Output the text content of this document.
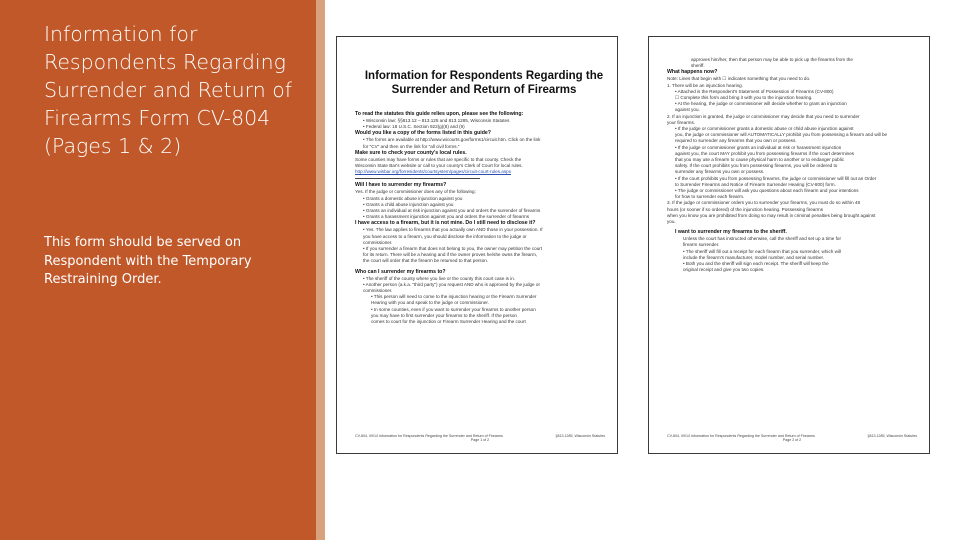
Information for Respondents Regarding Surrender and Return of Firearms Form CV-804 (Pages 1 & 2)
This form should be served on Respondent with the Temporary Restraining Order.
Information for Respondents Regarding the
Surrender and Return of Firearms

To read the statutes this guide relies upon, please see the following:

• Wisconsin law: §§813.12 – 813.125 and 813.1285, Wisconsin Statutes

• Federal law: 18 U.S.C. Section 922(g)(8) and (9)

Would you like a copy of the forms listed in this guide?

• The forms are available at http://www.wicourts.gov/forms1/circuit.htm. Click on the link

for "CV" and then on the link for "all civil forms."

Make sure to check your county's local rules.

Some counties may have forms or rules that are specific to that county. Check the

Wisconsin State Bar's website or call to your county's Clerk of Court for local rules.

http://www.wisbar.org/forresidents/courtsystem/pages/circuit-court-rules.aspx

Will I have to surrender my firearms?

Yes. If the judge or commissioner does any of the following:

• Grants a domestic abuse injunction against you

• Grants a child abuse injunction against you

• Grants an individual at risk injunction against you and orders the surrender of firearms

• Grants a harassment injunction against you and orders the surrender of firearms

I have access to a firearm, but it is not mine. Do I still need to disclose it?

• Yes. The law applies to firearms that you actually own AND those in your possession. If

you have access to a firearm, you should disclose the information to the judge or

commissioner.

• If you surrender a firearm that does not belong to you, the owner may petition the court

for its return. There will be a hearing and if the owner proves he/she owns the firearm,

the court will order that the firearm be returned to that person.

Who can I surrender my firearms to?

• The sheriff of the county where you live or the county this court case is in.

• Another person (a.k.a. "third party") you request AND who is approved by the judge or

commissioner.

• This person will need to come to the injunction hearing or the Firearm Surrender

Hearing with you and speak to the judge or commissioner.

• In some counties, even if you want to surrender your firearms to another person

you may have to first surrender your firearms to the sheriff. If the person

comes to court for the injunction or Firearm Surrender Hearing and the court

CV-804, 09/14 Information for Respondents Regarding the Surrender and Return of Firearms	§813.1285, Wisconsin Statutes
Page 1 of 2

approves him/her, then that person may be able to pick up the firearms from the

sheriff.

What happens now?

Note: Lines that begin with ☐ indicates something that you need to do.

1. There will be an injunction hearing.

• Attached is the Respondent's Statement of Possession of Firearms (CV-800)

☐ Complete this form and bring it with you to the injunction hearing.

• At the hearing, the judge or commissioner will decide whether to grant an injunction

against you.

2. If an injunction is granted, the judge or commissioner may decide that you need to surrender

your firearms.

• If the judge or commissioner grants a domestic abuse or child abuse injunction against

you, the judge or commissioner will AUTOMATICALLY prohibit you from possessing a firearm and will be

required to surrender any firearms that you own or possess.

• If the judge or commissioner grants an individual at risk or harassment injunction

against you, the court MAY prohibit you from possessing firearms if the court determines

that you may use a firearm to cause physical harm to another or to endanger public

safety. If the court prohibits you from possessing firearms, you will be ordered to

surrender any firearms you own or possess.

• If the court prohibits you from possessing firearms, the judge or commissioner will fill out an Order

to Surrender Firearms and Notice of Firearm Surrender Hearing (CV-800) form.

• The judge or commissioner will ask you questions about each firearm and your intentions

for how to surrender each firearm.

3. If the judge or commissioner orders you to surrender your firearms, you must do so within 48

hours (or sooner if so ordered) of the injunction hearing. Possessing firearms

when you know you are prohibited from doing so may result in criminal penalties being brought against

you.

I want to surrender my firearms to the sheriff.

Unless the court has instructed otherwise, call the sheriff and set up a time for

firearm surrender.

• The sheriff will fill out a receipt for each firearm that you surrender, which will

include the firearm's manufacturer, model number, and serial number.

• Both you and the sheriff will sign each receipt. The sheriff will keep the

original receipt and give you two copies.

CV-804, 09/14 Information for Respondents Regarding the Surrender and Return of Firearms	§813.1285, Wisconsin Statutes
Page 2 of 2
